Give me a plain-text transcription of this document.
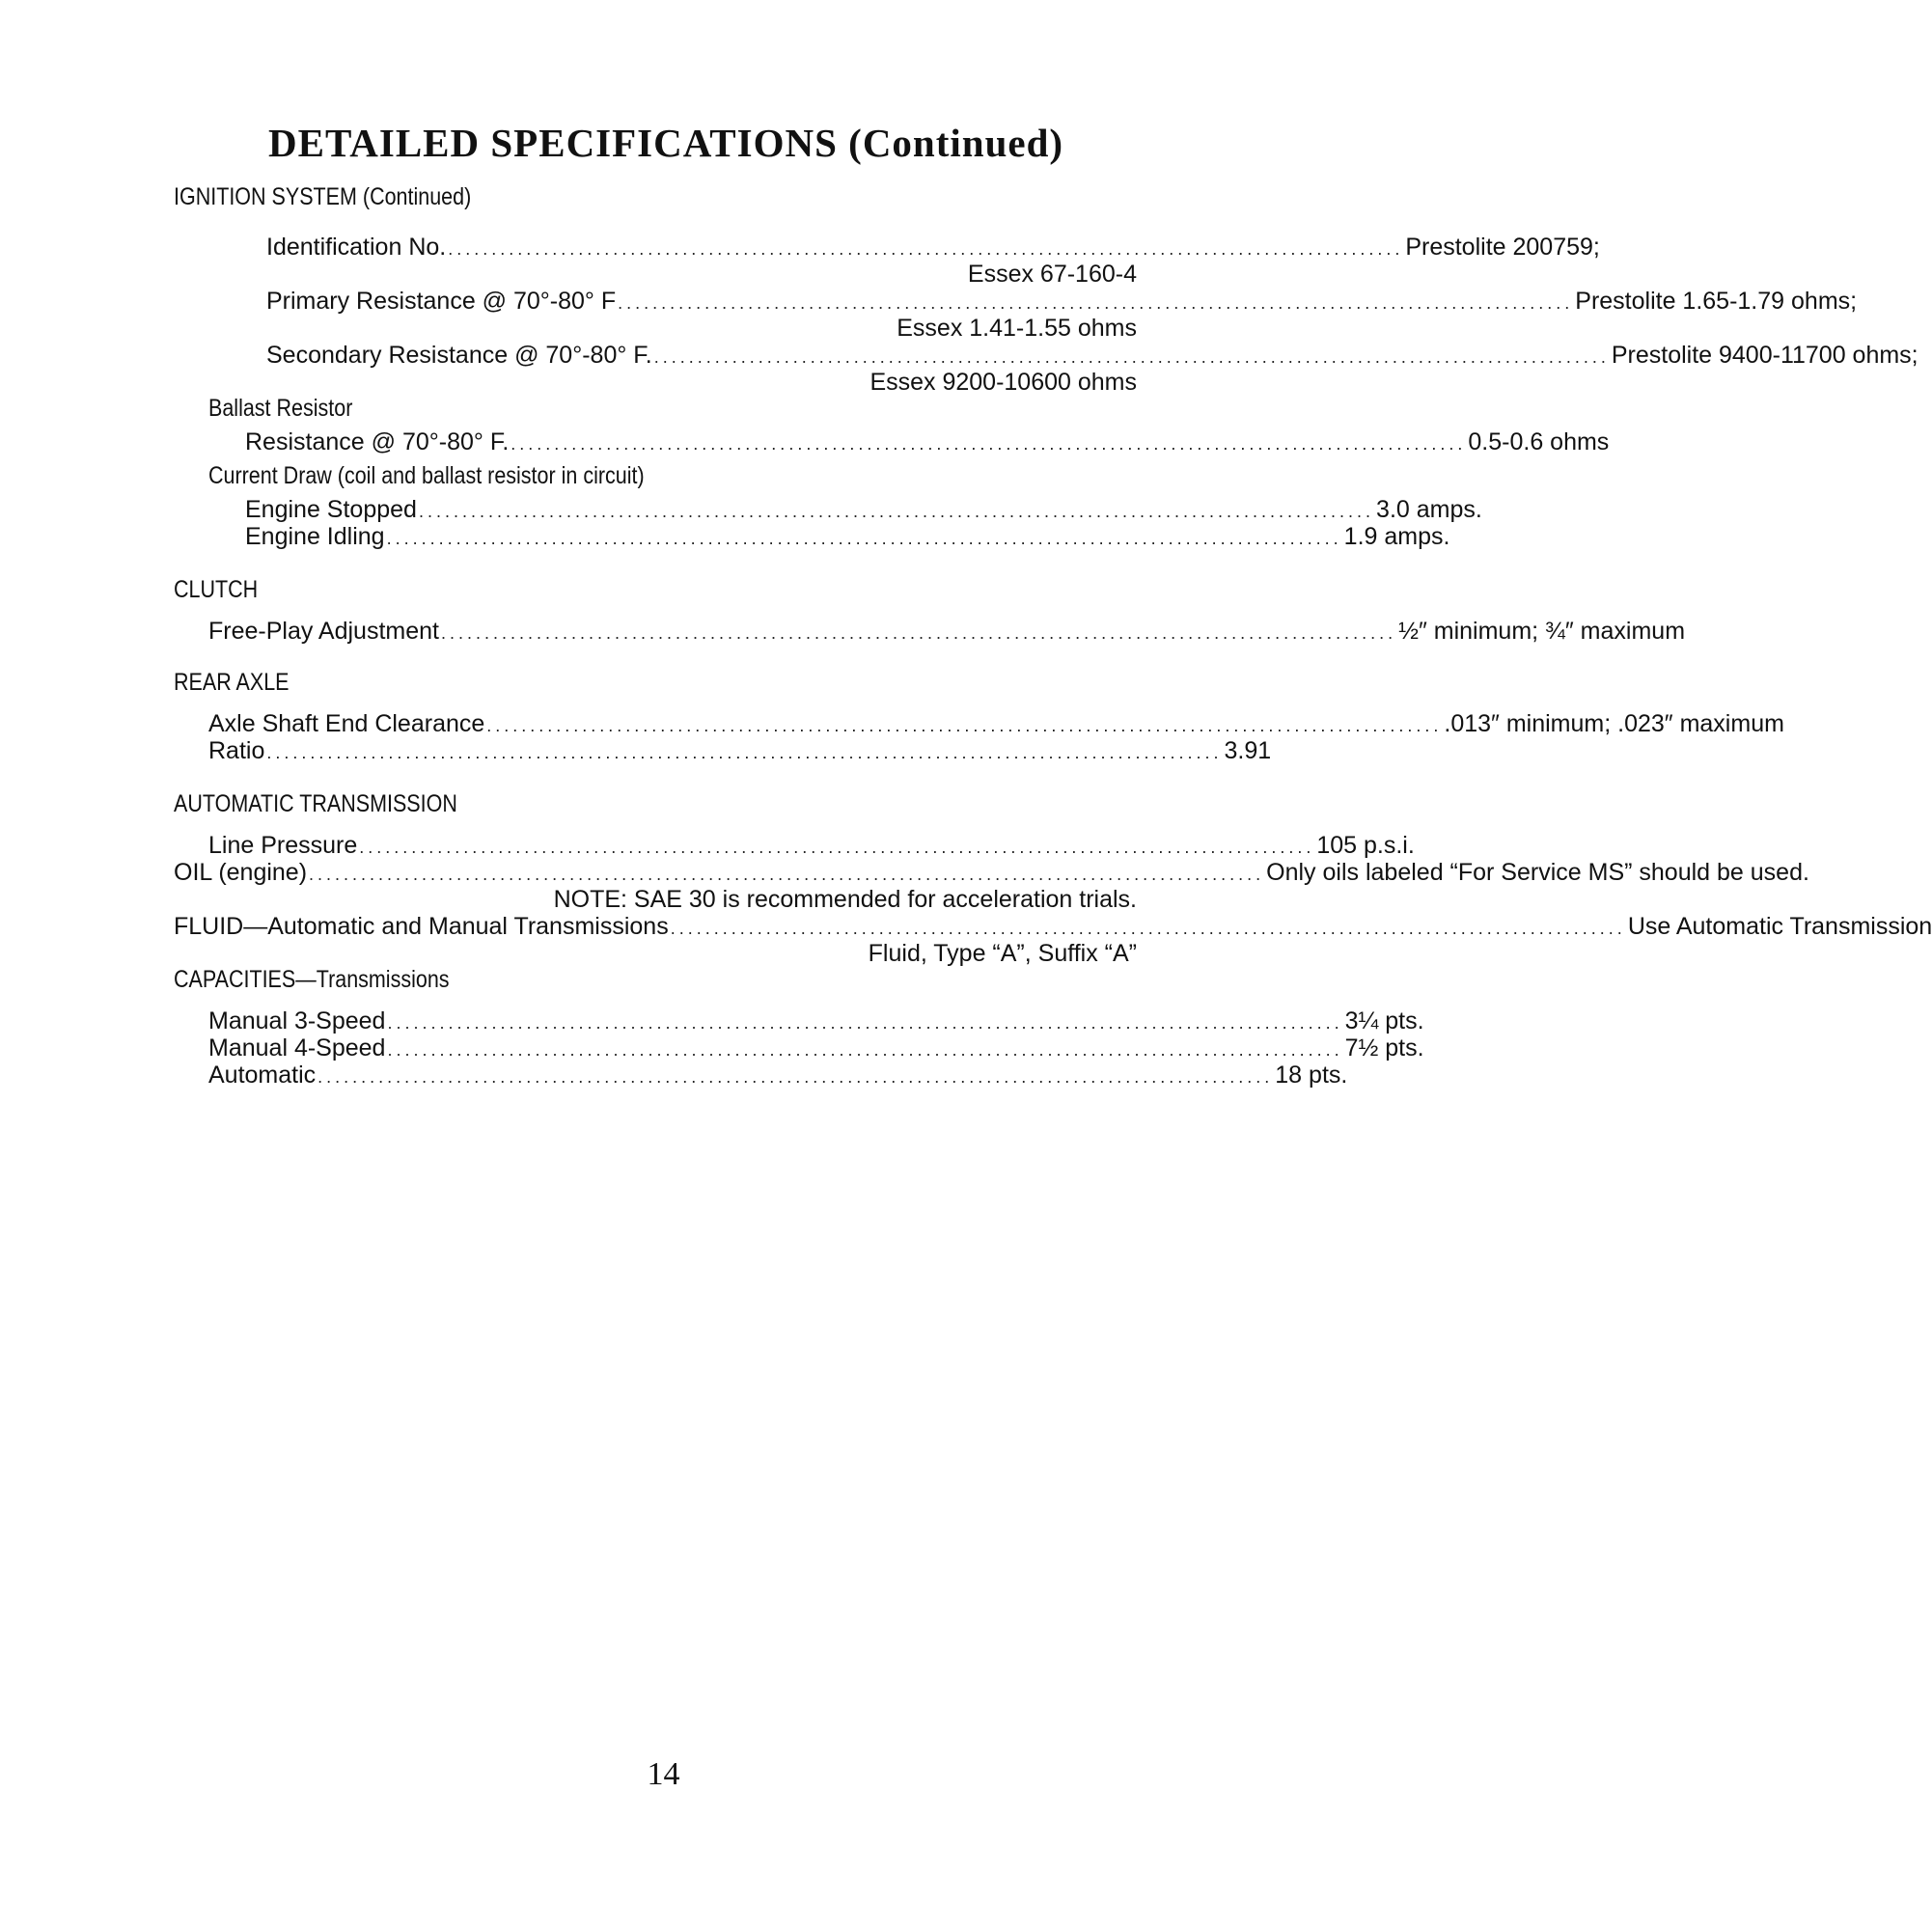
DETAILED SPECIFICATIONS (Continued)
IGNITION SYSTEM (Continued)
Identification No. .............................................................................................................. Prestolite 200759;
Essex 67-160-4
Primary Resistance @ 70°-80° F .............................................................................................................. Prestolite 1.65-1.79 ohms;
Essex 1.41-1.55 ohms
Secondary Resistance @ 70°-80° F. .............................................................................................................. Prestolite 9400-11700 ohms;
Essex 9200-10600 ohms
Ballast Resistor
Resistance @ 70°-80° F. .............................................................................................................. 0.5-0.6 ohms
Current Draw (coil and ballast resistor in circuit)
Engine Stopped .............................................................................................................. 3.0 amps.
Engine Idling .............................................................................................................. 1.9 amps.
CLUTCH
Free-Play Adjustment .............................................................................................................. ½″ minimum; ¾″ maximum
REAR AXLE
Axle Shaft End Clearance .............................................................................................................. .013″ minimum; .023″ maximum
Ratio .............................................................................................................. 3.91
AUTOMATIC TRANSMISSION
Line Pressure .............................................................................................................. 105 p.s.i.
OIL (engine) .............................................................................................................. Only oils labeled “For Service MS” should be used.
NOTE: SAE 30 is recommended for acceleration trials.
FLUID—Automatic and Manual Transmissions .............................................................................................................. Use Automatic Transmission
Fluid, Type “A”, Suffix “A”
CAPACITIES—Transmissions
Manual 3-Speed .............................................................................................................. 3¼ pts.
Manual 4-Speed .............................................................................................................. 7½ pts.
Automatic .............................................................................................................. 18 pts.
14
